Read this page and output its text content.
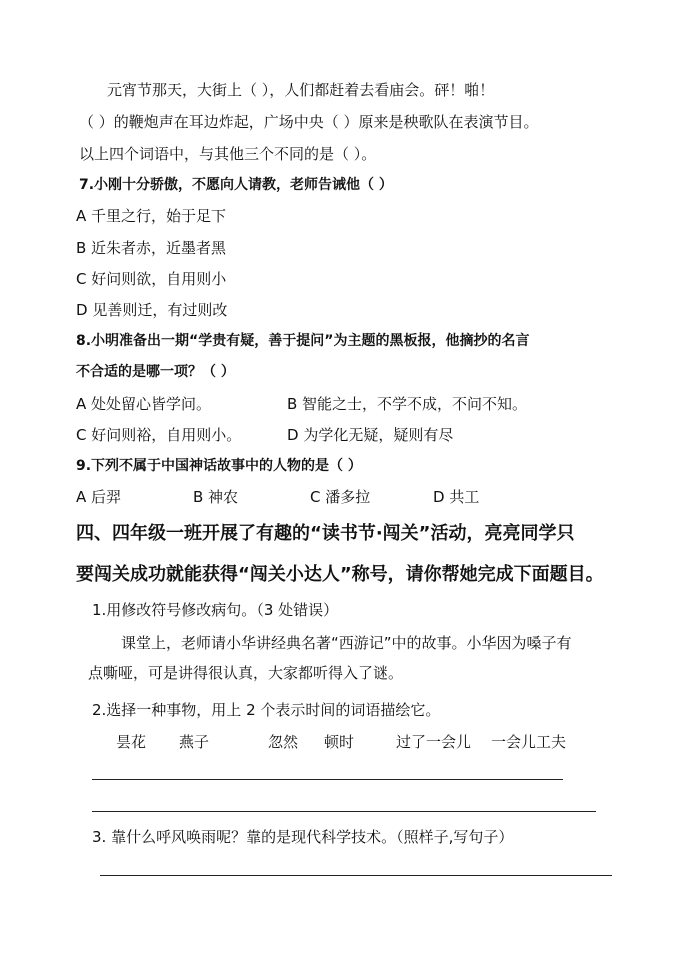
元宵节那天，大街上（ ），人们都赶着去看庙会。砰！啪！
（ ）的鞭炮声在耳边炸起，广场中央（ ）原来是秧歌队在表演节目。
以上四个词语中，与其他三个不同的是（ ）。
7.小刚十分骄傲，不愿向人请教，老师告诫他（ ）
A 千里之行，始于足下
B 近朱者赤，近墨者黑
C 好问则欲，自用则小
D 见善则迁，有过则改
8.小明准备出一期“学贵有疑，善于提问”为主题的黑板报，他摘抄的名言
不合适的是哪一项？（ ）
A 处处留心皆学问。	B 智能之士，不学不成，不问不知。
C 好问则裕，自用则小。	D 为学化无疑，疑则有尽
9.下列不属于中国神话故事中的人物的是（ ）
A 后羿	B 神农	C 潘多拉	D 共工
四、四年级一班开展了有趣的“读书节·闯关”活动，亮亮同学只
要闯关成功就能获得“闯关小达人”称号，请你帮她完成下面题目。
1.用修改符号修改病句。（3 处错误）
课堂上，老师请小华讲经典名著“西游记”中的故事。小华因为嗓子有
点嘶哑，可是讲得很认真，大家都听得入了谜。
2.选择一种事物，用上 2 个表示时间的词语描绘它。
昙花 燕子	忽然 顿时	过了一会儿 一会儿工夫
3. 靠什么呼风唤雨呢？靠的是现代科学技术。（照样子,写句子）
